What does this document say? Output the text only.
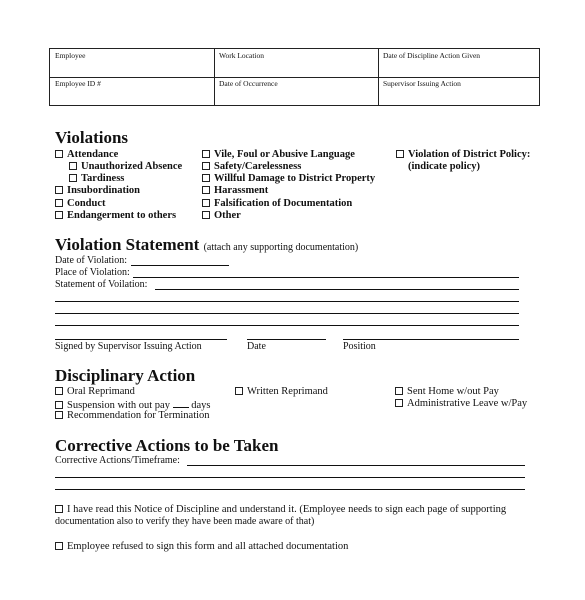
Employee	Work Location	Date of Discipline Action Given
Employee ID #	Date of Occurrence	Supervisor Issuing Action
Violations
Attendance
Unauthorized Absence
Tardiness
Insubordination
Conduct
Endangerment to others
Vile, Foul or Abusive Language
Safety/Carelessness
Willful Damage to District Property
Harassment
Falsification of Documentation
Other
Violation of District Policy:
(indicate policy)
Violation Statement (attach any supporting documentation)
Date of Violation:
Place of Violation:
Statement of Voilation:
Signed by Supervisor Issuing Action	Date	Position
Disciplinary Action
Oral Reprimand
Suspension with out pay days
Recommendation for Termination
Written Reprimand	Sent Home w/out Pay
Administrative Leave w/Pay
Corrective Actions to be Taken
Corrective Actions/Timeframe:
I have read this Notice of Discipline and understand it. (Employee needs to sign each page of supporting
documentation also to verify they have been made aware of that)
Employee refused to sign this form and all attached documentation
